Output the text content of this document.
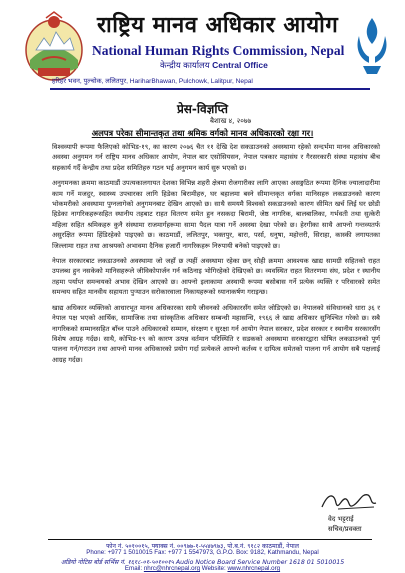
राष्ट्रिय मानव अधिकार आयोग
National Human Rights Commission, Nepal
केन्द्रीय कार्यालय Central Office
हरिहर भवन, पुल्चोक, ललितपुर, HariharBhawan, Pulchowk, Lalitpur, Nepal
प्रेस-विज्ञप्ति
बैशाख ४, २०७७
अलपत्र परेका सीमान्तकृत तथा श्रमिक वर्गको मानव अधिकारको रक्षा गर।

विश्वव्यापी रूपमा फैलिएको कोभिड-१९, का कारण २०७६ चैत ११ देखि देश सकडाउनको अवस्थामा रहेको सन्दर्भमा मानव अधिकारको अवस्था अनुगमन गर्न राष्ट्रिय मानव अधिकार आयोग, नेपाल बार एसोसियसन, नेपाल पत्रकार महासंघ र गैरसरकारी संस्था महासंघ बीच सहकार्य गर्दै केन्द्रीय तथा प्रदेश समितिहरु गठन भई अनुगमन कार्य सुरु भएको छ।

अनुगमनका क्रममा काठमाडौं उपत्यकालगायत देशका विभिन्न शहरी क्षेत्रमा रोजगारीका लागि आएका असङ्गठित रूपमा दैनिक ज्यालादारीमा काम गर्ने मजदुर, स्वास्थ्य उपचारका लागि हिडेका बिरामीहरु, घर बहालमा बस्ने सीमान्तकृत वर्गका मानिसहरु लकडाउनको कारण भोकमरीको अवस्थामा पुग्नलागेको अनुगमनबाट देखिन आएको छ। साथै समयमै विश्वको सकडाउनको कारण सीमित खर्च लिई घर छोडी हिडेका नागरिकहरूसहित स्थानीय तहबाट राहत वितरण समेत हुन नसकदा बिरामी, जेष्ठ नागरिक, बालबालिका, गर्भवती तथा सुत्केरी महिला सहित श्रमिकहरु कुनै संस्थामा राजमार्गहरूमा सामा पैदल यात्रा गर्ने अवस्था देखा परेको छ। हेरगीका साथै आफ्नो गन्तव्यतर्फ असुरक्षित रूपमा हिंडिरहेको पाइएको छ। काठमाडौं, ललितपुर, भक्तपुर, बारा, पर्सा, धनुषा, महोत्तरी, सिराहा, कास्की लगायतका जिल्लामा राहत तथा आश्रयको अभावमा दैनिक हजारौं नागरिकहरू निरुपायी बनेको पाइएको छ।

नेपाल सरकारबाट लकडाउनको अवस्थामा जो जहाँ छ त्यहीं अवस्थामा रहेका छन् सोही क्रममा आवश्यक खाद्य सामग्री सहितको राहत उपलब्ध हुन नसकेको मानिसहरूले जीविकोपार्जन गर्न कठिनाइ भोगिरहेको देखिएको छ। व्यवस्थित राहत वितरणमा संघ, प्रदेश र स्थानीय तहमा पर्याप्त समन्वयको अभाव देखिन आएको छ। आफ्नो इलाकामा अस्थायी रूपमा बसोबास गर्ने प्रत्येक व्यक्ति र परिवारको समेत समन्वय सहित मानवीय सहायता पुर्‍याउन सरोकारवाला निकायहरूको ध्यानाकर्षण गराइन्छ।

खाद्य अधिकार व्यक्तिको आधारभूत मानव अधिकारका साथै जीवनको अधिकारसँग समेत जोडिएको छ। नेपालको संविधानको धारा ३६ र नेपाल पक्ष भएको आर्थिक, सामाजिक तथा सांस्कृतिक अधिकार सम्बन्धी महासन्धि, १९६६ ले खाद्य अधिकार सुनिश्चित गरेको छ। सबै नागरिकको सम्मानसहित बाँच्न पाउने अधिकारको सम्मान, संरक्षण र सुरक्षा गर्न आयोग नेपाल सरकार, प्रदेश सरकार र स्थानीय सरकारसँग विशेष आग्रह गर्दछ। साथै, कोभिड-१९ को कारण उत्पन्न वर्तमान परिस्थिति र सडकको अवस्थामा सरकारद्वारा घोषित लकडाउनको पूर्ण पालना गर्न/गराउन तथा आफ्नो मानव अधिकारको प्रयोग गर्दा प्रत्येकले आफ्नो कर्तव्य र दायित्व समेतको पालना गर्न आयोग सबै पक्षलाई आग्रह गर्दछ।

वेद भट्टराई
सचिव/प्रवक्ता
फोन नं. ५०१००१५, फ्याक्स नं. ००९७७-१-५५४७९७३, पो.ब.नं. ९१८२ काठमाडौं, नेपाल
Phone: +977 1 5010015 Fax: +977 1 5547973, G.P.O. Box: 9182, Kathmandu, Nepal
अडियो नोटिस बोर्ड सर्भिस नं. १६१८-०१-५०१००१५ Audio Notice Board Service Number 1618 01 5010015
Email: nhrc@nhrcnepal.org Website: www.nhrcnepal.org
